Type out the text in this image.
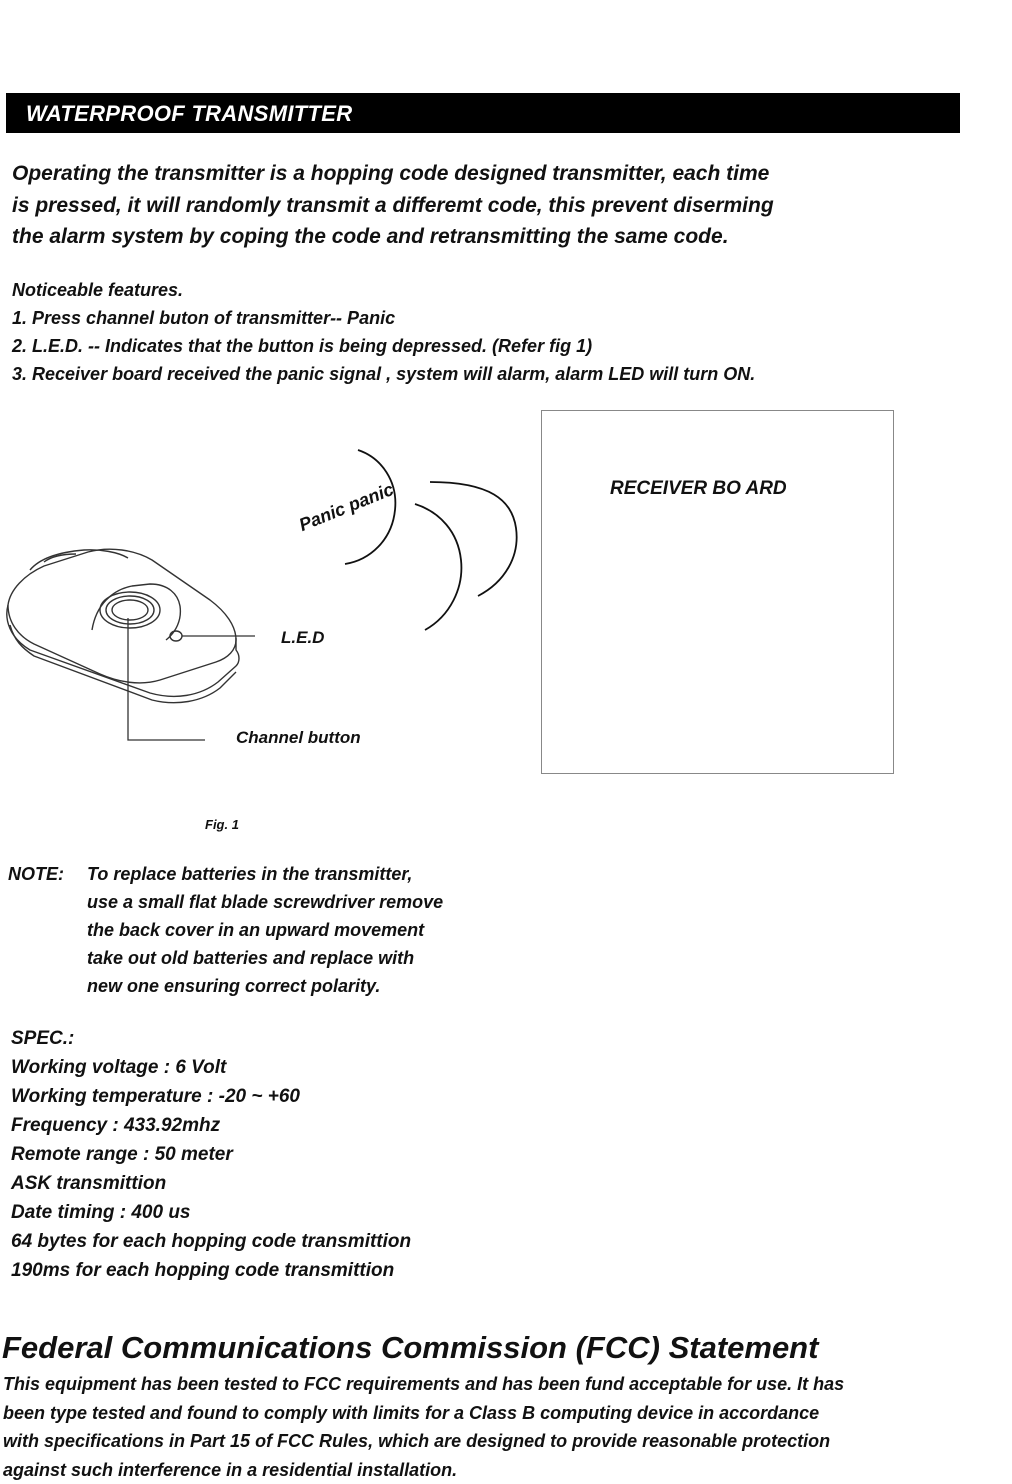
WATERPROOF TRANSMITTER

Operating the transmitter is a hopping code designed transmitter, each time
is pressed, it will randomly transmit a differemt code, this prevent diserming
the alarm system by coping the code and retransmitting the same code.

Noticeable features.
1. Press channel buton of transmitter-- Panic
2. L.E.D. -- Indicates that the button is being depressed. (Refer fig 1)
3. Receiver board received the panic signal , system will alarm, alarm LED will turn ON.
Panic panic
L.E.D
Channel button
RECEIVER BO ARD
Fig. 1
NOTE: To replace batteries in the transmitter,
use a small flat blade screwdriver remove
the back cover in an upward movement
take out old batteries and replace with
new one ensuring correct polarity.
SPEC.:
Working voltage : 6 Volt
Working temperature : -20 ~ +60
Frequency : 433.92mhz
Remote range : 50 meter
ASK transmittion
Date timing : 400 us
64 bytes for each hopping code transmittion
190ms for each hopping code transmittion
Federal Communications Commission (FCC) Statement
This equipment has been tested to FCC requirements and has been fund acceptable for use. It has
been type tested and found to comply with limits for a Class B computing device in accordance
with specifications in Part 15 of FCC Rules, which are designed to provide reasonable protection
against such interference in a residential installation.
